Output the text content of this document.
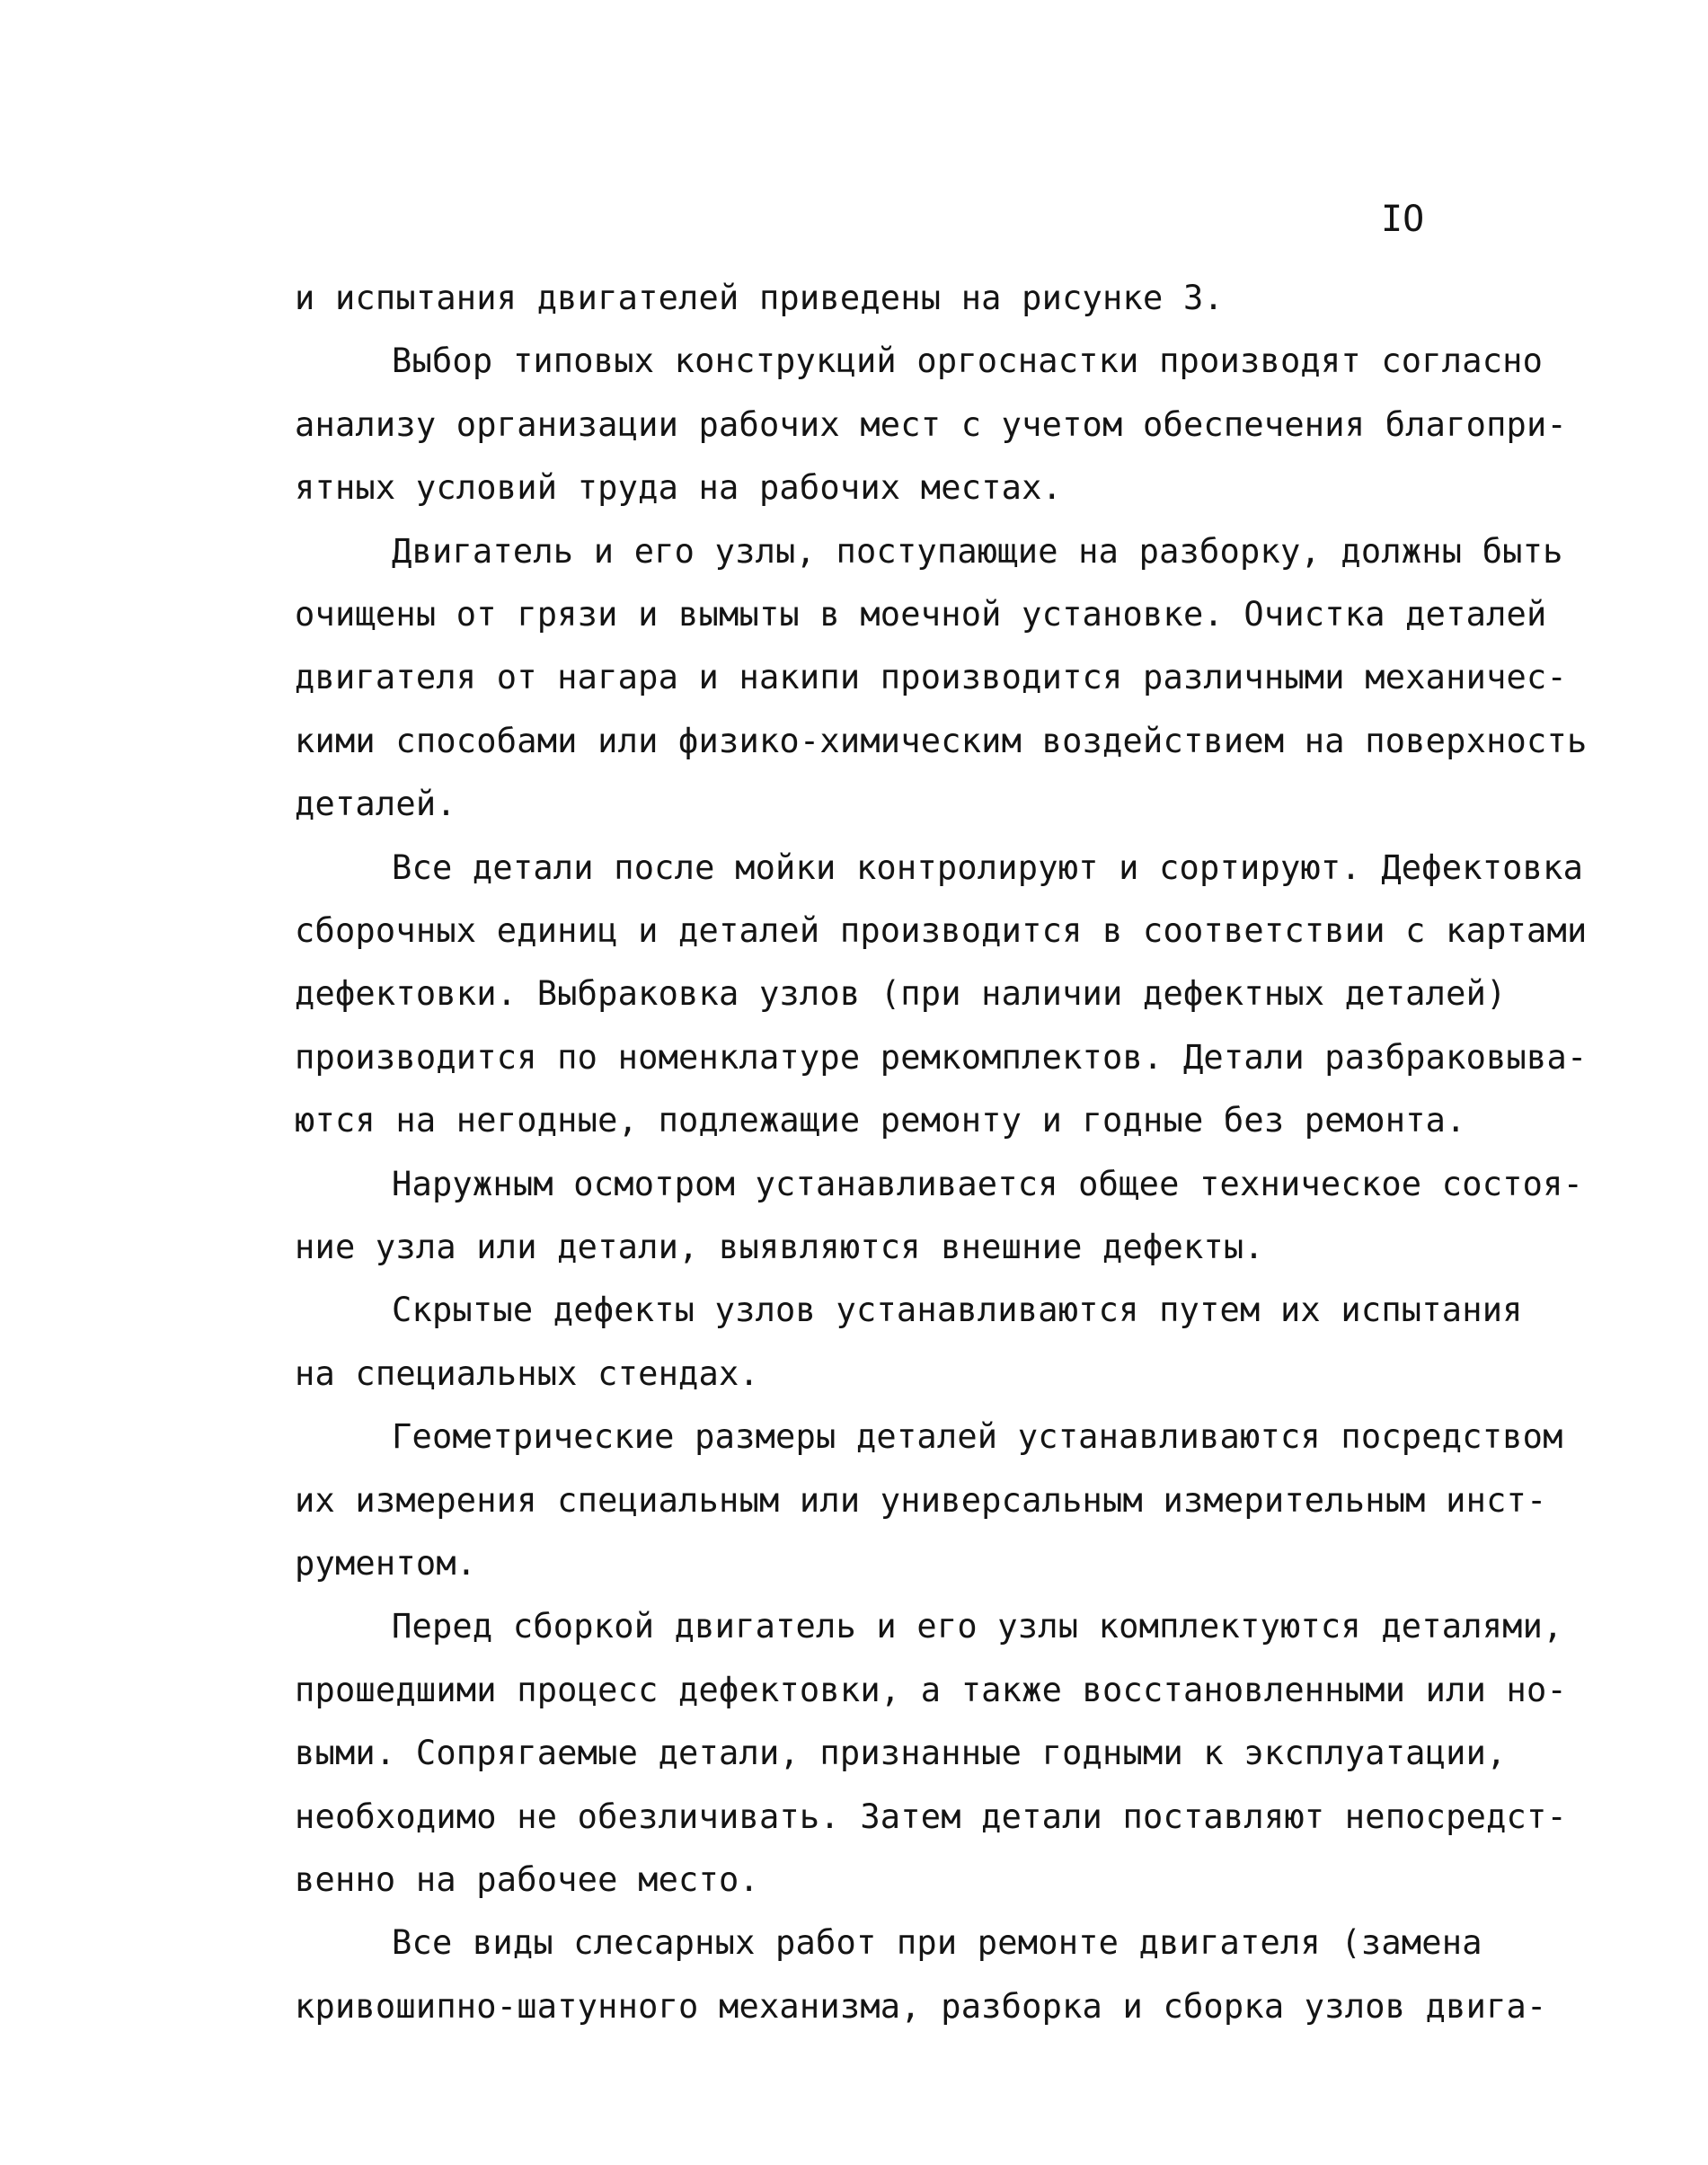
IO
и испытания двигателей приведены на рисунке 3.
Выбор типовых конструкций оргоснастки производят согласно
анализу организации рабочих мест с учетом обеспечения благопри-
ятных условий труда на рабочих местах.
Двигатель и его узлы, поступающие на разборку, должны быть
очищены от грязи и вымыты в моечной установке. Очистка деталей
двигателя от нагара и накипи производится различными механичес-
кими способами или физико-химическим воздействием на поверхность
деталей.
Все детали после мойки контролируют и сортируют. Дефектовка
сборочных единиц и деталей производится в соответствии с картами
дефектовки. Выбраковка узлов (при наличии дефектных деталей)
производится по номенклатуре ремкомплектов. Детали разбраковыва-
ются на негодные, подлежащие ремонту и годные без ремонта.
Наружным осмотром устанавливается общее техническое состоя-
ние узла или детали, выявляются внешние дефекты.
Скрытые дефекты узлов устанавливаются путем их испытания
на специальных стендах.
Геометрические размеры деталей устанавливаются посредством
их измерения специальным или универсальным измерительным инст-
рументом.
Перед сборкой двигатель и его узлы комплектуются деталями,
прошедшими процесс дефектовки, а также восстановленными или но-
выми. Сопрягаемые детали, признанные годными к эксплуатации,
необходимо не обезличивать. Затем детали поставляют непосредст-
венно на рабочее место.
Все виды слесарных работ при ремонте двигателя (замена
кривошипно-шатунного механизма, разборка и сборка узлов двига-
